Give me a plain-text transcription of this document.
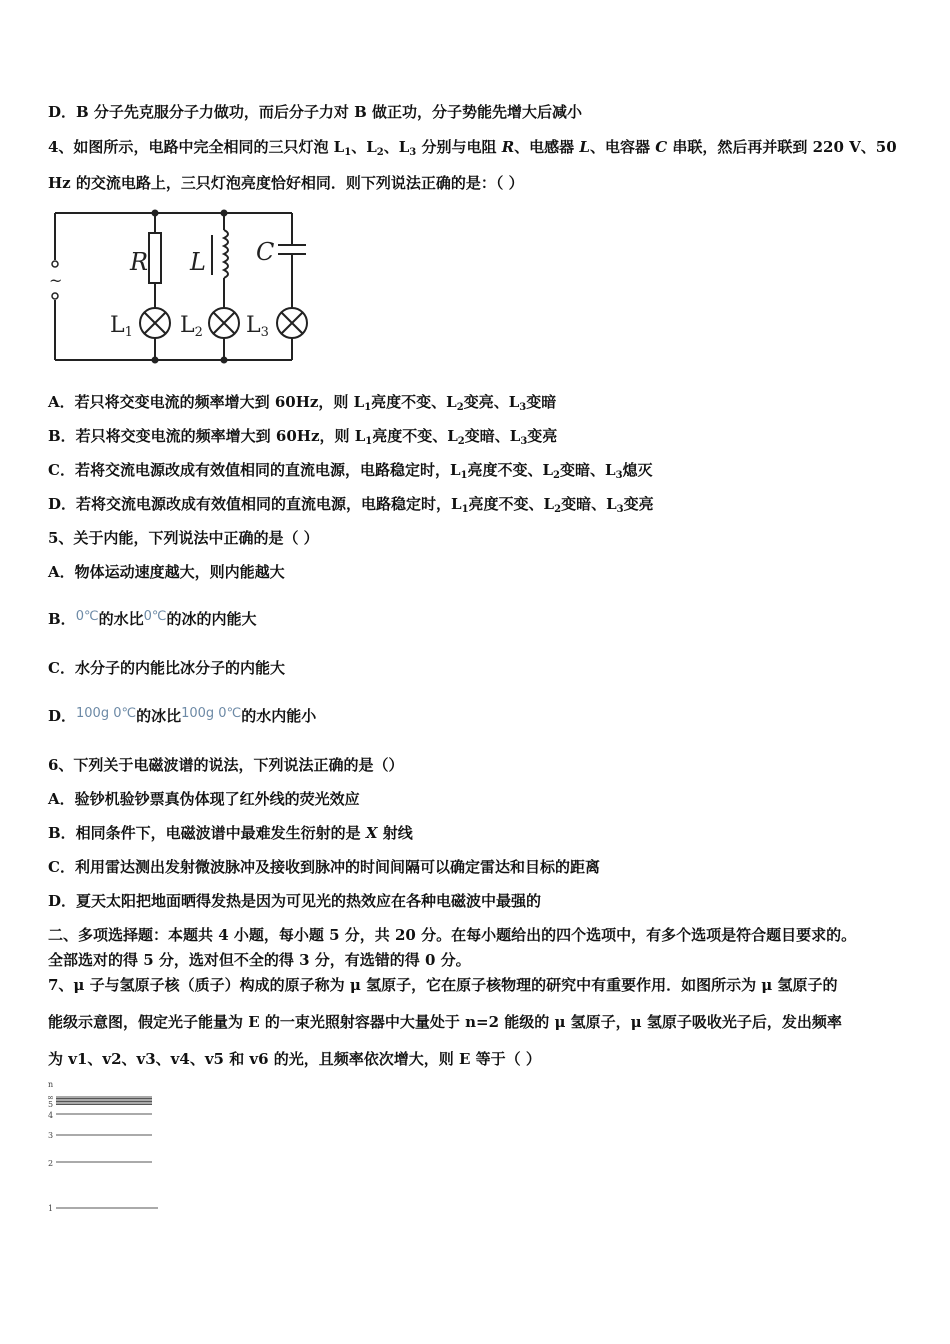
D．B 分子先克服分子力做功，而后分子力对 B 做正功，分子势能先增大后减小
4、如图所示，电路中完全相同的三只灯泡 $L_1$、$L_2$、$L_3$ 分别与电阻 R、电感器 L、电容器 C 串联，然后再并联到 220 V、50
Hz 的交流电路上，三只灯泡亮度恰好相同．则下列说法正确的是：（ ）
~
R L C
L1 L2 L3
A．若只将交变电流的频率增大到 60Hz，则 $L_1$亮度不变、$L_2$变亮、$L_3$变暗
B．若只将交变电流的频率增大到 60Hz，则 $L_1$亮度不变、$L_2$变暗、$L_3$变亮
C．若将交流电源改成有效值相同的直流电源，电路稳定时，$L_1$亮度不变、$L_2$变暗、$L_3$熄灭
D．若将交流电源改成有效值相同的直流电源，电路稳定时，$L_1$亮度不变、$L_2$变暗、$L_3$变亮
5、关于内能，下列说法中正确的是（ ）
A．物体运动速度越大，则内能越大
B．0℃的水比0℃的冰的内能大
C．水分子的内能比冰分子的内能大
D．100g 0℃的冰比100g 0℃的水内能小
6、下列关于电磁波谱的说法，下列说法正确的是（）
A．验钞机验钞票真伪体现了红外线的荧光效应
B．相同条件下，电磁波谱中最难发生衍射的是 X 射线
C．利用雷达测出发射微波脉冲及接收到脉冲的时间间隔可以确定雷达和目标的距离
D．夏天太阳把地面晒得发热是因为可见光的热效应在各种电磁波中最强的
二、多项选择题：本题共 4 小题，每小题 5 分，共 20 分。在每小题给出的四个选项中，有多个选项是符合题目要求的。
全部选对的得 5 分，选对但不全的得 3 分，有选错的得 0 分。
7、μ 子与氢原子核（质子）构成的原子称为 μ 氢原子，它在原子核物理的研究中有重要作用．如图所示为 μ 氢原子的
能级示意图，假定光子能量为 E 的一束光照射容器中大量处于 n=2 能级的 μ 氢原子，μ 氢原子吸收光子后，发出频率
为 v1、v2、v3、v4、v5 和 v6 的光，且频率依次增大，则 E 等于（ ）
n
∞
5
4
3
2
1
